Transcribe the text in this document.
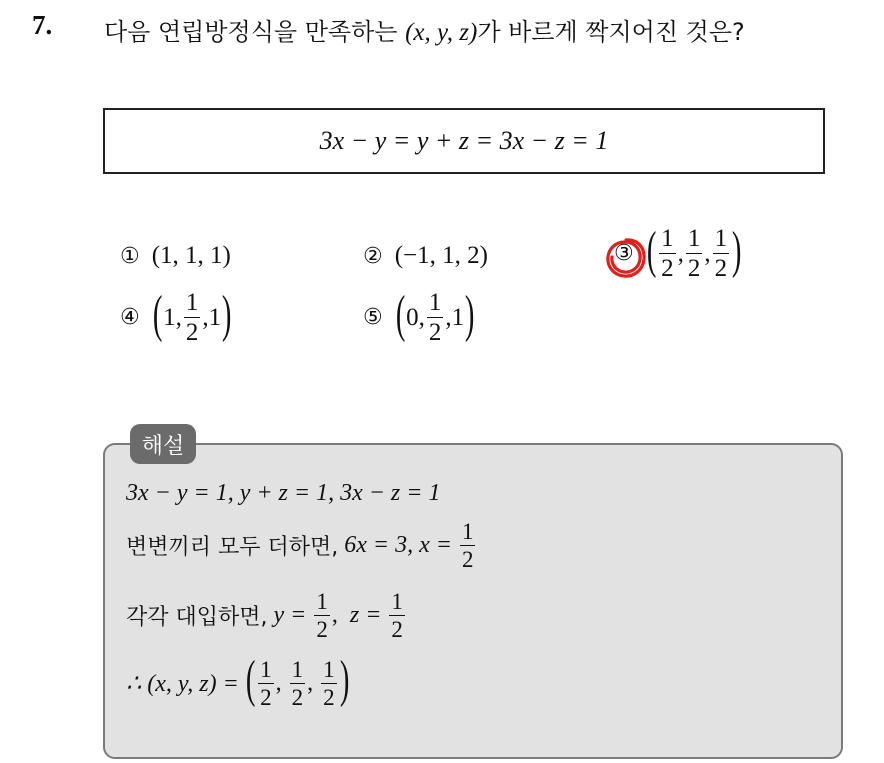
7. 다음 연립방정식을 만족하는 (x, y, z)가 바르게 짝지어진 것은?
3x − y = y + z = 3x − z = 1
① (1, 1, 1)	② (−1, 1, 2)	③ ( $\frac{1}{2}$ , $\frac{1}{2}$ , $\frac{1}{2}$ )
④ ( 1, $\frac{1}{2} ,1$ )	⑤ ( 0, $\frac{1}{2} ,1$ )
해설
3x − y = 1, y + z = 1, 3x − z = 1
변변끼리 모두 더하면,
6x = 3, x =
$\frac{1}{2}$
각각 대입하면,
y =
$\frac{1}{2}$ , z =
$\frac{1}{2}$
∴ (x, y, z) =
( $\frac{1}{2}$ , $\frac{1}{2}$ , $\frac{1}{2}$ )
